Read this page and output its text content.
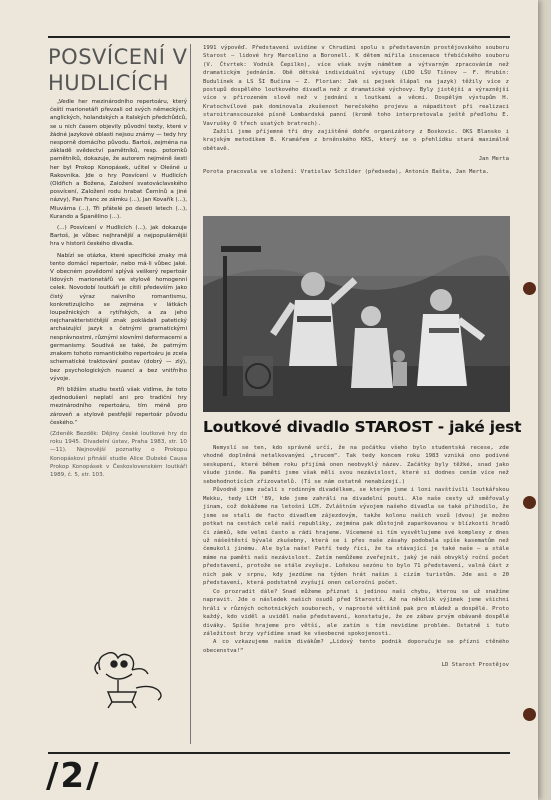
POSVÍCENÍ V HUDLICÍCH

„Vedle her mezinárodního repertoáru, který čeští marionetáři převzali od svých německých, anglických, holandských a italských předchůdců, se u nich časem objevily původní texty, které v žádné jazykové oblasti nejsou známy — tedy hry nesporně domácího původu. Bartoš, zejména na základě svědectví pamětníků, resp. potomků pamětníků, dokazuje, že autorem nejméně šesti her byl Prokop Konopásek, učitel v Olešné u Rakovníka. Jde o hry Posvícení v Hudlicích (Oldřich a Božena, Založení svatováclavského posvícení, Založení rodu hrabat Černínů a jiné názvy), Pan Franc ze zámku (...), Jan Kovařík (...), Mluvárna (...), Tři přátelé po deseti letech (...), Kurando a Španělino (...).

(...) Posvícení v Hudlicích (...), jak dokazuje Bartoš, je vůbec nejhranější a nejpopulárnější hra v historii českého divadla.

Nabízí se otázka, které specifické znaky má tento domácí repertoár, nebo má-li vůbec jaké. V obecném povědomí splývá veškerý repertoár lidových marionetářů ve stylově homogenní celek. Novodobí loutkáři je cítili především jako čistý výraz naivního romantismu, konkretizujícího se zejména v látkách loupežnických a rytířských, a za jeho nejcharakterističtější znak pokládali patetický archaizující jazyk s četnými gramatickými nesprávnostmi, různými slovními deformacemi a germanismy. Soudívá se také, že patrným znakem tohoto romantického repertoáru je zcela schematické traktování postav (dobrý — zlý), bez psychologických nuancí a bez vnitřního vývoje.

Při bližším studiu textů však vidíme, že toto zjednodušení neplatí ani pro tradiční hry mezinárodního repertoáru, tím méně pro zároveň a stylově pestřejší repertoár původu českého.“

(Zdeněk Bezděk: Dějiny české loutkové hry do roku 1945. Divadelní ústav, Praha 1983, str. 10—11). Nejnovější poznatky o Prokopu Konopáskovi přináší studie Alice Dubské Causa Prokop Konopásek v Československém loutkáři 1989, č. 5, str. 103.

1991 výpověď. Představení uvidíme v Chrudimi spolu s představením prostějovského souboru Starost — lidové hry Marcelino a Boronell. K dětem mířila inscenace třebíčského souboru (V. Čtvrtek: Vodník Čepilko), více však svým námětem a výtvarným zpracováním než dramatickým jednáním. Obě dětská individuální výstupy (LDO LŠU Tišnov — F. Hrubín: Budulínek a LS ŠI Bučina — Z. Florian: Jak si pejsek šlápal na jazyk) těžily více z postupů dospělého loutkového divadla než z dramatické výchovy. Byly jistější a výraznější více v přirozeném slově než v jednání s loutkami a věcmi. Dospělým výstupům H. Kratochvílové pak dominovala zkušenost herečského projevu a nápaditost při realizaci staroitranscouzské písně Lombardská panní (kromě toho interpretovala ještě předlohu E. Vavrušky O třech usatých bratrech).

Zažili jsme příjemné tři dny zajištěné dobře organizátory z Boskovic. OKS Blansko i krajským metodikem B. Kramářem z brněnského KKS, který se o přehlídku stará maximálně obětavě.

Jan Merta

Porota pracovala ve složení: Vratislav Schilder (předseda), Antonín Bašta, Jan Merta.

Loutkové divadlo STAROST - jaké jest

Nemyslí se ten, kdo správně určí, že na počátku všeho bylo studentská recese, zde vhodně doplněná netalkovanými „trucem“. Tak tedy koncem roku 1983 vzniká ono podivné seskupení, které během roku přijímá onen neobvyklý název. Začátky byly těžké, snad jako všude jinde. Na paměti jsme však měli svou nezávislost, které si dodnes cením více než sebehodnotících zřizovatelů. (Tí se nám ostatně nenabízejí.)

Původně jsme začali s rodinným divadélkem, se kterým jsme i loni navštívili loutkářskou Mekku, tedy LCH '89, kde jsme zahráli na divadelní pouti. Ale naše cesty už směřovaly jinam, což dokážeme na letošní LCH. Zvláštním vývojem našeho divadla se také přihodilo, že jsme se stali de facto divadlem zájezdovým, takže kolonu našich vozů (dvou) je možno potkat na cestách celé naší republiky, zejména pak důstojně zaparkovanou v blízkosti hradů či zámků, kde velmi často a rádi hrajeme. Vícemené si tím vysvětlujeme své komplexy z dnes už nášeštěstí bývalé zkušebny, která se i přes naše zásahy podobala spíše kasematům než čemukoli jinému. Ale byla naše! Patří tedy říci, že ta stávající je také naše — a stále máme na paměti naši nezávislost. Zatím nemůžeme zveřejnit, jaký je náš obvyklý roční počet představení, protože se stále zvyšuje. Loňskou sezónu to bylo 71 představení, valná část z nich pak v srpnu, kdy jezdíme na týden hrát našim i cizím turistům. Jde asi o 20 představení, která podstatně zvyšují onen celoroční počet.

Co prozradit dále? Snad můžeme přiznat i jedinou naši chybu, kterou se už snažíme napravit. Jde o následek našich osudů před Starostí. Až na několik výjimek jsme všichni hráli v různých ochotnických souborech, v naprosté většině pak pro mládež a dospělé. Proto každý, kdo viděl a uviděl naše představení, konstatuje, že ze zábav prvým obávaně dospělé diváky. Spíše hrajeme pro větší, ale zatím s tím nevidíme problém. Ostatně i tuto záležitost brzy vyřídíme snad ke všeobecné spokojenosti.

A co vzkazujeme našim divákům? „Lidový tento podnik doporučuje se přízni ctěného obecenstva!“

LD Starost Prostějov

/2/
